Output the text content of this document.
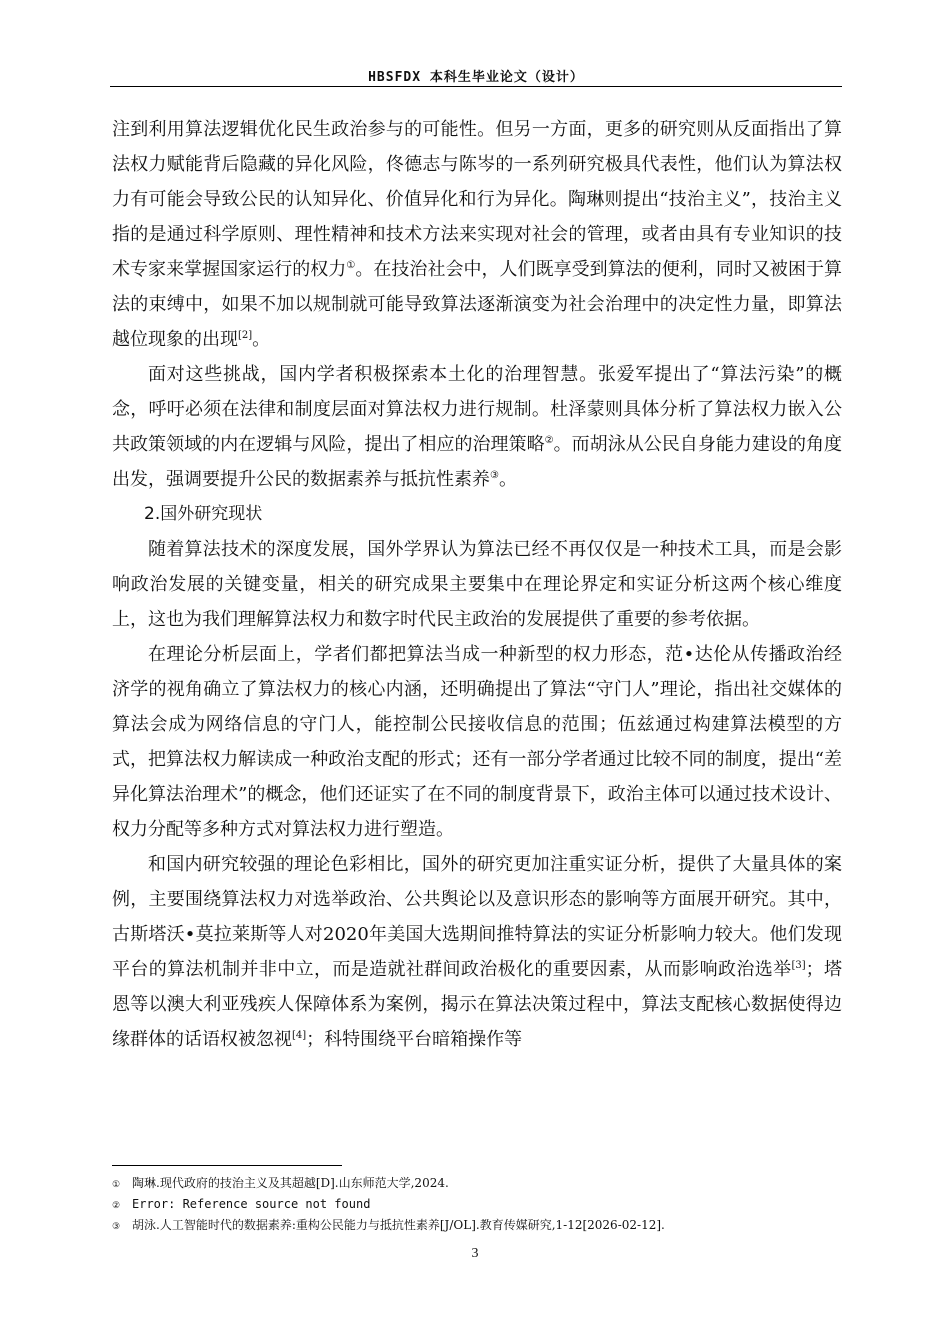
HBSFDX 本科生毕业论文（设计）

注到利用算法逻辑优化民生政治参与的可能性。但另一方面，更多的研究则从反面指出了算法权力赋能背后隐藏的异化风险，佟德志与陈岑的一系列研究极具代表性，他们认为算法权力有可能会导致公民的认知异化、价值异化和行为异化。陶琳则提出“技治主义”，技治主义指的是通过科学原则、理性精神和技术方法来实现对社会的管理，或者由具有专业知识的技术专家来掌握国家运行的权力①。在技治社会中，人们既享受到算法的便利，同时又被困于算法的束缚中，如果不加以规制就可能导致算法逐渐演变为社会治理中的决定性力量，即算法越位现象的出现[2]。

面对这些挑战，国内学者积极探索本土化的治理智慧。张爱军提出了“算法污染”的概念，呼吁必须在法律和制度层面对算法权力进行规制。杜泽蒙则具体分析了算法权力嵌入公共政策领域的内在逻辑与风险，提出了相应的治理策略②。而胡泳从公民自身能力建设的角度出发，强调要提升公民的数据素养与抵抗性素养③。

2.国外研究现状

随着算法技术的深度发展，国外学界认为算法已经不再仅仅是一种技术工具，而是会影响政治发展的关键变量，相关的研究成果主要集中在理论界定和实证分析这两个核心维度上，这也为我们理解算法权力和数字时代民主政治的发展提供了重要的参考依据。

在理论分析层面上，学者们都把算法当成一种新型的权力形态，范•达伦从传播政治经济学的视角确立了算法权力的核心内涵，还明确提出了算法“守门人”理论，指出社交媒体的算法会成为网络信息的守门人，能控制公民接收信息的范围；伍兹通过构建算法模型的方式，把算法权力解读成一种政治支配的形式；还有一部分学者通过比较不同的制度，提出“差异化算法治理术”的概念，他们还证实了在不同的制度背景下，政治主体可以通过技术设计、权力分配等多种方式对算法权力进行塑造。

和国内研究较强的理论色彩相比，国外的研究更加注重实证分析，提供了大量具体的案例，主要围绕算法权力对选举政治、公共舆论以及意识形态的影响等方面展开研究。其中，古斯塔沃•莫拉莱斯等人对2020年美国大选期间推特算法的实证分析影响力较大。他们发现平台的算法机制并非中立，而是造就社群间政治极化的重要因素，从而影响政治选举[3]；塔恩等以澳大利亚残疾人保障体系为案例，揭示在算法决策过程中，算法支配核心数据使得边缘群体的话语权被忽视[4]；科特围绕平台暗箱操作等

① 陶琳.现代政府的技治主义及其超越[D].山东师范大学,2024.
② Error: Reference source not found
③ 胡泳.人工智能时代的数据素养:重构公民能力与抵抗性素养[J/OL].教育传媒研究,1-12[2026-02-12].
3
